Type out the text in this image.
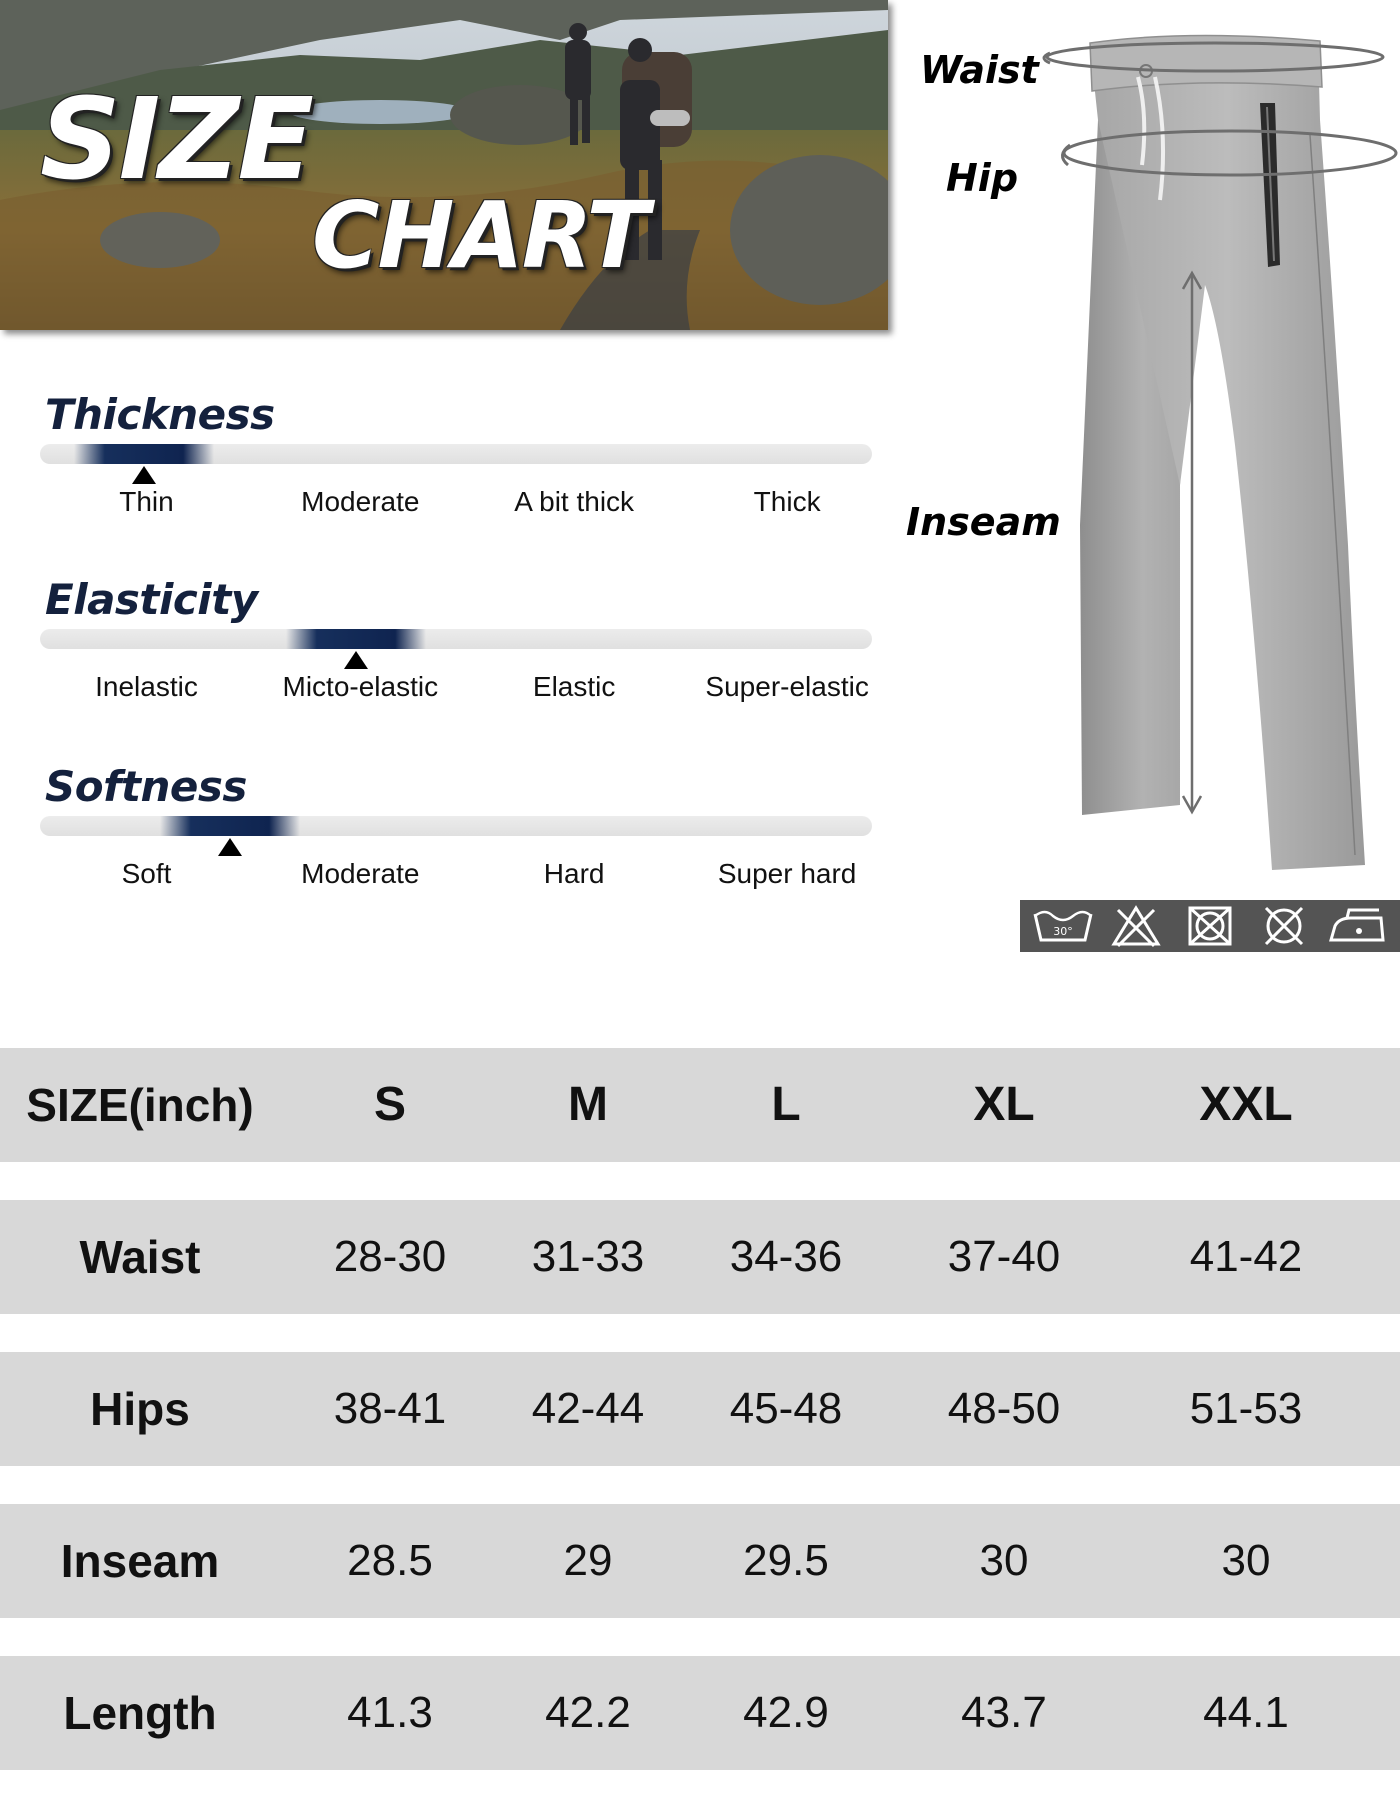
SIZE
CHART
Thickness
Thin	Moderate	A bit thick	Thick
Elasticity
Inelastic	Micto-elastic	Elastic	Super-elastic
Softness
Soft	Moderate	Hard	Super hard
Waist
Hip
Inseam
30°
SIZE(inch)	S	M	L	XL	XXL
Waist	28-30	31-33	34-36	37-40	41-42
Hips	38-41	42-44	45-48	48-50	51-53
Inseam	28.5	29	29.5	30	30
Length	41.3	42.2	42.9	43.7	44.1
